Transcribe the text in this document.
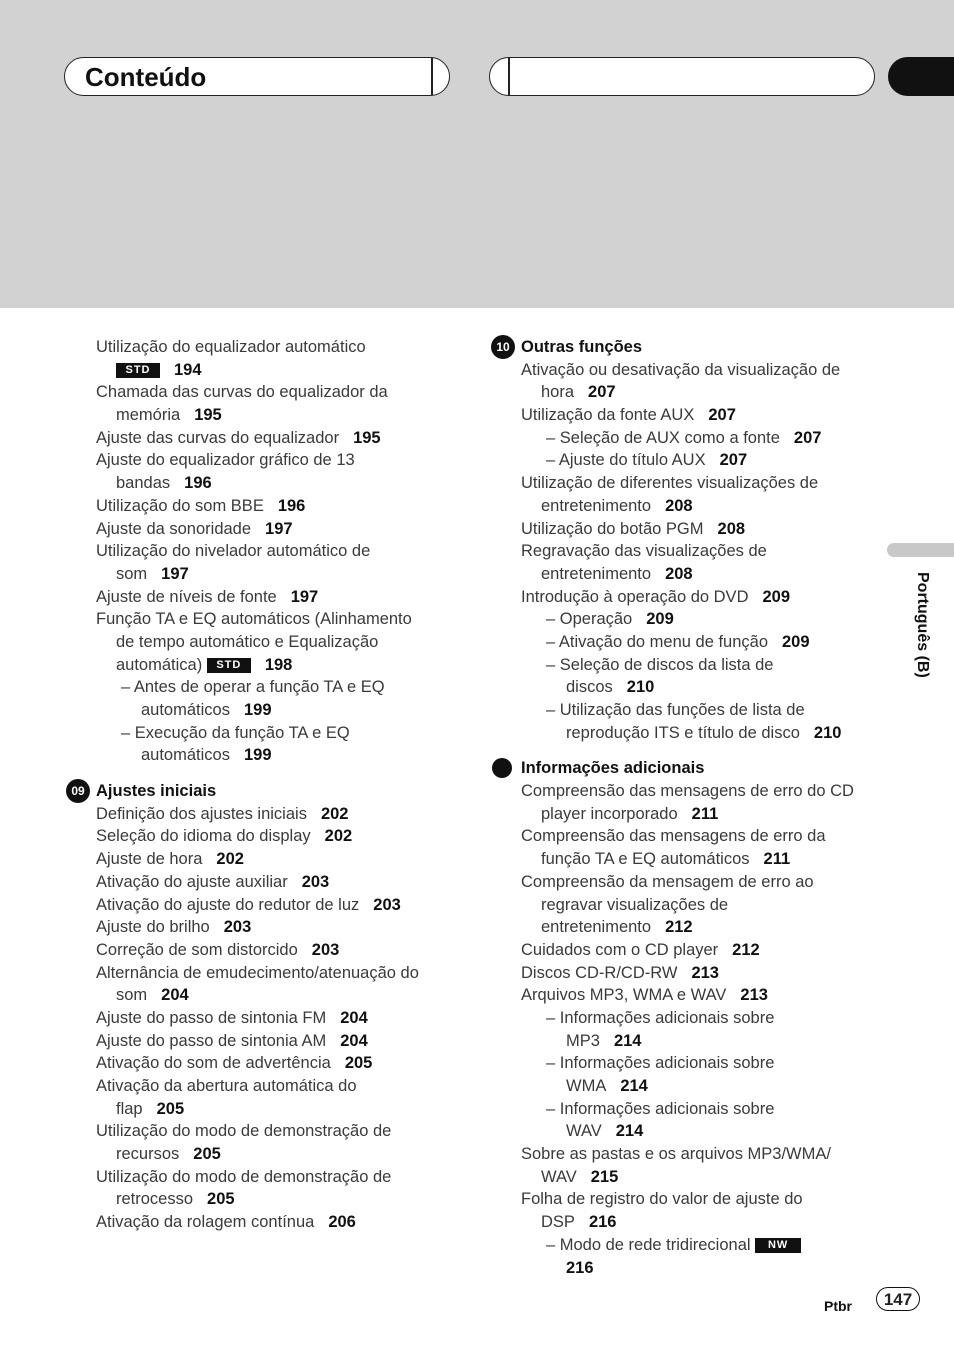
Conteúdo
Português (B)
Utilização do equalizador automático
STD 194
Chamada das curvas do equalizador da
memória 195
Ajuste das curvas do equalizador 195
Ajuste do equalizador gráfico de 13
bandas 196
Utilização do som BBE 196
Ajuste da sonoridade 197
Utilização do nivelador automático de
som 197
Ajuste de níveis de fonte 197
Função TA e EQ automáticos (Alinhamento
de tempo automático e Equalização
automática) STD 198
– Antes de operar a função TA e EQ
automáticos 199
– Execução da função TA e EQ
automáticos 199
09 Ajustes iniciais
Definição dos ajustes iniciais 202
Seleção do idioma do display 202
Ajuste de hora 202
Ativação do ajuste auxiliar 203
Ativação do ajuste do redutor de luz 203
Ajuste do brilho 203
Correção de som distorcido 203
Alternância de emudecimento/atenuação do
som 204
Ajuste do passo de sintonia FM 204
Ajuste do passo de sintonia AM 204
Ativação do som de advertência 205
Ativação da abertura automática do
flap 205
Utilização do modo de demonstração de
recursos 205
Utilização do modo de demonstração de
retrocesso 205
Ativação da rolagem contínua 206
10 Outras funções
Ativação ou desativação da visualização de
hora 207
Utilização da fonte AUX 207
– Seleção de AUX como a fonte 207
– Ajuste do título AUX 207
Utilização de diferentes visualizações de
entretenimento 208
Utilização do botão PGM 208
Regravação das visualizações de
entretenimento 208
Introdução à operação do DVD 209
– Operação 209
– Ativação do menu de função 209
– Seleção de discos da lista de
discos 210
– Utilização das funções de lista de
reprodução ITS e título de disco 210
Informações adicionais
Compreensão das mensagens de erro do CD
player incorporado 211
Compreensão das mensagens de erro da
função TA e EQ automáticos 211
Compreensão da mensagem de erro ao
regravar visualizações de
entretenimento 212
Cuidados com o CD player 212
Discos CD-R/CD-RW 213
Arquivos MP3, WMA e WAV 213
– Informações adicionais sobre
MP3 214
– Informações adicionais sobre
WMA 214
– Informações adicionais sobre
WAV 214
Sobre as pastas e os arquivos MP3/WMA/
WAV 215
Folha de registro do valor de ajuste do
DSP 216
– Modo de rede tridirecional NW
216
Ptbr	147
